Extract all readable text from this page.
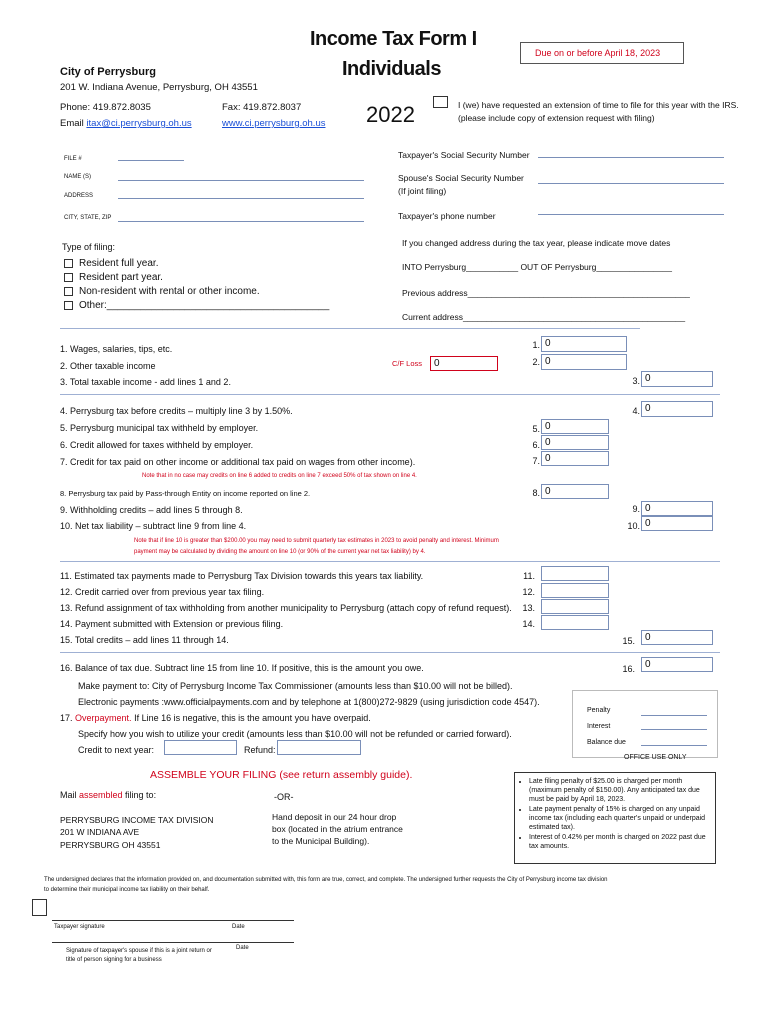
Income Tax Form I
Individuals
Due on or before April 18, 2023
City of Perrysburg
201 W. Indiana Avenue, Perrysburg, OH 43551
Phone: 419.872.8035	Fax: 419.872.8037
Email itax@ci.perrysburg.oh.us	www.ci.perrysburg.oh.us 2022	I (we) have requested an extension of time to file for this year with the IRS.
(please include copy of extension request with filing)
FILE #
NAME (S)
ADDRESS
CITY, STATE, ZIP
Taxpayer's Social Security Number
Spouse's Social Security Number
(If joint filing)
Taxpayer's phone number
Type of filing:
Resident full year.
Resident part year.
Non-resident with rental or other income.
Other:________________________________________
If you changed address during the tax year, please indicate move dates
INTO Perrysburg___________ OUT OF Perrysburg________________
Previous address_______________________________________________
Current address_______________________________________________
1. Wages, salaries, tips, etc.	1. 0
2. Other taxable income	C/F Loss	0	2. 0
3. Total taxable income - add lines 1 and 2.	3. 0
4. Perrysburg tax before credits – multiply line 3 by 1.50%.	4. 0
5. Perrysburg municipal tax withheld by employer.	5. 0
6. Credit allowed for taxes withheld by employer.	6. 0
7. Credit for tax paid on other income or additional tax paid on wages from other income).	7. 0
Note that in no case may credits on line 6 added to credits on line 7 exceed 50% of tax shown on line 4.
8. Perrysburg tax paid by Pass-through Entity on income reported on line 2.	8. 0
9. Withholding credits – add lines 5 through 8.	9. 0
10. Net tax liability – subtract line 9 from line 4.	10. 0
Note that if line 10 is greater than $200.00 you may need to submit quarterly tax estimates in 2023 to avoid penalty and interest. Minimum
payment may be calculated by dividing the amount on line 10 (or 90% of the current year net tax liability) by 4.
11. Estimated tax payments made to Perrysburg Tax Division towards this years tax liability.	11.
12. Credit carried over from previous year tax filing.	12.
13. Refund assignment of tax withholding from another municipality to Perrysburg (attach copy of refund request).	13.
14. Payment submitted with Extension or previous filing.	14.
15. Total credits – add lines 11 through 14.	15.	0
16. Balance of tax due. Subtract line 15 from line 10. If positive, this is the amount you owe.	16.	0
Make payment to: City of Perrysburg Income Tax Commissioner (amounts less than $10.00 will not be billed).
Electronic payments :www.officialpayments.com and by telephone at 1(800)272-9829 (using jurisdiction code 4547).
17. Overpayment. If Line 16 is negative, this is the amount you have overpaid.
Specify how you wish to utilize your credit (amounts less than $10.00 will not be refunded or carried forward).
Credit to next year:	Refund:
Penalty
Interest
Balance due
OFFICE USE ONLY
ASSEMBLE YOUR FILING (see return assembly guide).
Mail assembled filing to:	-OR-
PERRYSBURG INCOME TAX DIVISION
201 W INDIANA AVE
PERRYSBURG OH 43551
Hand deposit in our 24 hour drop
box (located in the atrium entrance
to the Municipal Building).
• Late filing penalty of $25.00 is charged per month (maximum penalty of $150.00). Any anticipated tax due must be paid by April 18, 2023.
• Late payment penalty of 15% is charged on any unpaid income tax (including each quarter's unpaid or underpaid estimated tax).
• Interest of 0.42% per month is charged on 2022 past due tax amounts.
The undersigned declares that the information provided on, and documentation submitted with, this form are true, correct, and complete. The undersigned further requests the City of Perrysburg income tax division
to determine their municipal income tax liability on their behalf.
Taxpayer signature	Date
Signature of taxpayer's spouse if this is a joint return or
title of person signing for a business
Date
